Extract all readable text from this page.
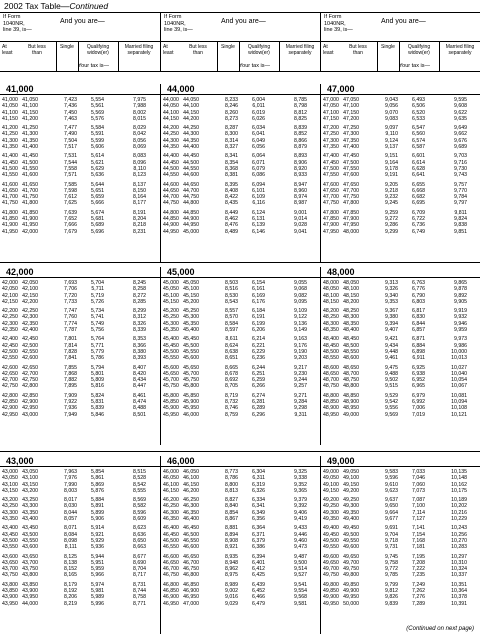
2002 Tax Table—Continued
If Form
1040NR,
line 39, is—
And you are—
At least
But less than
Single	Qualifying widow(er)
Married filing separately
Your tax is—
If Form
1040NR,
line 39, is—
And you are—
At least
But less than
Single	Qualifying widow(er)
Married filing separately
Your tax is—
If Form
1040NR,
line 39, is—
And you are—
At least
But less than
Single	Qualifying widow(er)
Married filing separately
Your tax is—
41,000
41,000 41,050	7,423	5,554	7,975
41,050 41,100	7,436	5,561	7,988
41,100 41,150	7,450	5,569	8,002
41,150 41,200	7,463	5,576	8,015
41,200 41,250	7,477	5,584	8,029
41,250 41,300	7,490	5,591	8,042
41,300 41,350	7,504	5,599	8,056
41,350 41,400	7,517	5,606	8,069
41,400 41,450	7,531	5,614	8,083
41,450 41,500	7,544	5,621	8,096
41,500 41,550	7,558	5,629	8,110
41,550 41,600	7,571	5,636	8,123
41,600 41,650	7,585	5,644	8,137
41,650 41,700	7,598	5,651	8,150
41,700 41,750	7,612	5,659	8,164
41,750 41,800	7,625	5,666	8,177
41,800 41,850	7,639	5,674	8,191
41,850 41,900	7,652	5,681	8,204
41,900 41,950	7,666	5,689	8,218
41,950 42,000	7,679	5,696	8,231
44,000
44,000 44,050	8,233	6,004	8,785
44,050 44,100	8,246	6,011	8,798
44,100 44,150	8,260	6,019	8,812
44,150 44,200	8,273	6,026	8,825
44,200 44,250	8,287	6,034	8,839
44,250 44,300	8,300	6,041	8,852
44,300 44,350	8,314	6,049	8,866
44,350 44,400	8,327	6,056	8,879
44,400 44,450	8,341	6,064	8,893
44,450 44,500	8,354	6,071	8,906
44,500 44,550	8,368	6,079	8,920
44,550 44,600	8,381	6,086	8,933
44,600 44,650	8,395	6,094	8,947
44,650 44,700	8,408	6,101	8,960
44,700 44,750	8,422	6,109	8,974
44,750 44,800	8,435	6,116	8,987
44,800 44,850	8,449	6,124	9,001
44,850 44,900	8,462	6,131	9,014
44,900 44,950	8,476	6,139	9,028
44,950 45,000	8,489	6,146	9,041
47,000
47,000 47,050	9,043	6,493	9,595
47,050 47,100	9,056	6,506	9,608
47,100 47,150	9,070	6,520	9,622
47,150 47,200	9,083	6,533	9,635
47,200 47,250	9,097	6,547	9,649
47,250 47,300	9,110	6,560	9,662
47,300 47,350	9,124	6,574	9,676
47,350 47,400	9,137	6,587	9,689
47,400 47,450	9,151	6,601	9,703
47,450 47,500	9,164	6,614	9,716
47,500 47,550	9,178	6,628	9,730
47,550 47,600	9,191	6,641	9,743
47,600 47,650	9,205	6,655	9,757
47,650 47,700	9,218	6,668	9,770
47,700 47,750	9,232	6,682	9,784
47,750 47,800	9,245	6,695	9,797
47,800 47,850	9,259	6,709	9,811
47,850 47,900	9,272	6,722	9,824
47,900 47,950	9,286	6,736	9,838
47,950 48,000	9,299	6,749	9,851
42,000
42,000 42,050	7,693	5,704	8,245
42,050 42,100	7,706	5,711	8,258
42,100 42,150	7,720	5,719	8,272
42,150 42,200	7,733	5,726	8,285
42,200 42,250	7,747	5,734	8,299
42,250 42,300	7,760	5,741	8,312
42,300 42,350	7,774	5,749	8,326
42,350 42,400	7,787	5,756	8,339
42,400 42,450	7,801	5,764	8,353
42,450 42,500	7,814	5,771	8,366
42,500 42,550	7,828	5,779	8,380
42,550 42,600	7,841	5,786	8,393
42,600 42,650	7,855	5,794	8,407
42,650 42,700	7,868	5,801	8,420
42,700 42,750	7,882	5,809	8,434
42,750 42,800	7,895	5,816	8,447
42,800 42,850	7,909	5,824	8,461
42,850 42,900	7,922	5,831	8,474
42,900 42,950	7,936	5,839	8,488
42,950 43,000	7,949	5,846	8,501
45,000
45,000 45,050	8,503	6,154	9,055
45,050 45,100	8,516	6,161	9,068
45,100 45,150	8,530	6,169	9,082
45,150 45,200	8,543	6,176	9,095
45,200 45,250	8,557	6,184	9,109
45,250 45,300	8,570	6,191	9,122
45,300 45,350	8,584	6,199	9,136
45,350 45,400	8,597	6,206	9,149
45,400 45,450	8,611	6,214	9,163
45,450 45,500	8,624	6,221	9,176
45,500 45,550	8,638	6,229	9,190
45,550 45,600	8,651	6,236	9,203
45,600 45,650	8,665	6,244	9,217
45,650 45,700	8,678	6,251	9,230
45,700 45,750	8,692	6,259	9,244
45,750 45,800	8,705	6,266	9,257
45,800 45,850	8,719	6,274	9,271
45,850 45,900	8,732	6,281	9,284
45,900 45,950	8,746	6,289	9,298
45,950 46,000	8,759	6,296	9,311
48,000
48,000 48,050	9,313	6,763	9,865
48,050 48,100	9,326	6,776	9,878
48,100 48,150	9,340	6,790	9,892
48,150 48,200	9,353	6,803	9,905
48,200 48,250	9,367	6,817	9,919
48,250 48,300	9,380	6,830	9,932
48,300 48,350	9,394	6,844	9,946
48,350 48,400	9,407	6,857	9,959
48,400 48,450	9,421	6,871	9,973
48,450 48,500	9,434	6,884	9,986
48,500 48,550	9,448	6,898	10,000
48,550 48,600	9,461	6,911	10,013
48,600 48,650	9,475	6,925	10,027
48,650 48,700	9,488	6,938	10,040
48,700 48,750	9,502	6,952	10,054
48,750 48,800	9,515	6,965	10,067
48,800 48,850	9,529	6,979	10,081
48,850 48,900	9,542	6,992	10,094
48,900 48,950	9,556	7,006	10,108
48,950 49,000	9,569	7,019	10,121
43,000
43,000 43,050	7,963	5,854	8,515
43,050 43,100	7,976	5,861	8,528
43,100 43,150	7,990	5,869	8,542
43,150 43,200	8,003	5,876	8,555
43,200 43,250	8,017	5,884	8,569
43,250 43,300	8,030	5,891	8,582
43,300 43,350	8,044	5,899	8,596
43,350 43,400	8,057	5,906	8,609
43,400 43,450	8,071	5,914	8,623
43,450 43,500	8,084	5,921	8,636
43,500 43,550	8,098	5,929	8,650
43,550 43,600	8,111	5,936	8,663
43,600 43,650	8,125	5,944	8,677
43,650 43,700	8,138	5,951	8,690
43,700 43,750	8,152	5,959	8,704
43,750 43,800	8,165	5,966	8,717
43,800 43,850	8,179	5,974	8,731
43,850 43,900	8,192	5,981	8,744
43,900 43,950	8,206	5,989	8,758
43,950 44,000	8,219	5,996	8,771
46,000
46,000 46,050	8,773	6,304	9,325
46,050 46,100	8,786	6,311	9,338
46,100 46,150	8,800	6,319	9,352
46,150 46,200	8,813	6,326	9,365
46,200 46,250	8,827	6,334	9,379
46,250 46,300	8,840	6,341	9,392
46,300 46,350	8,854	6,349	9,406
46,350 46,400	8,867	6,356	9,419
46,400 46,450	8,881	6,364	9,433
46,450 46,500	8,894	6,371	9,446
46,500 46,550	8,908	6,379	9,460
46,550 46,600	8,921	6,386	9,473
46,600 46,650	8,935	6,394	9,487
46,650 46,700	8,948	6,401	9,500
46,700 46,750	8,962	6,412	9,514
46,750 46,800	8,975	6,425	9,527
46,800 46,850	8,989	6,439	9,541
46,850 46,900	9,002	6,452	9,554
46,900 46,950	9,016	6,466	9,568
46,950 47,000	9,029	6,479	9,581
49,000
49,000 49,050	9,583	7,033	10,135
49,050 49,100	9,596	7,046	10,148
49,100 49,150	9,610	7,060	10,162
49,150 49,200	9,623	7,073	10,175
49,200 49,250	9,637	7,087	10,189
49,250 49,300	9,650	7,100	10,202
49,300 49,350	9,664	7,114	10,216
49,350 49,400	9,677	7,127	10,229
49,400 49,450	9,691	7,141	10,243
49,450 49,500	9,704	7,154	10,256
49,500 49,550	9,718	7,168	10,270
49,550 49,600	9,731	7,181	10,283
49,600 49,650	9,745	7,195	10,297
49,650 49,700	9,758	7,208	10,310
49,700 49,750	9,772	7,222	10,324
49,750 49,800	9,785	7,235	10,337
49,800 49,850	9,799	7,249	10,351
49,850 49,900	9,812	7,262	10,364
49,900 49,950	9,826	7,276	10,378
49,950 50,000	9,839	7,289	10,391
(Continued on next page)
